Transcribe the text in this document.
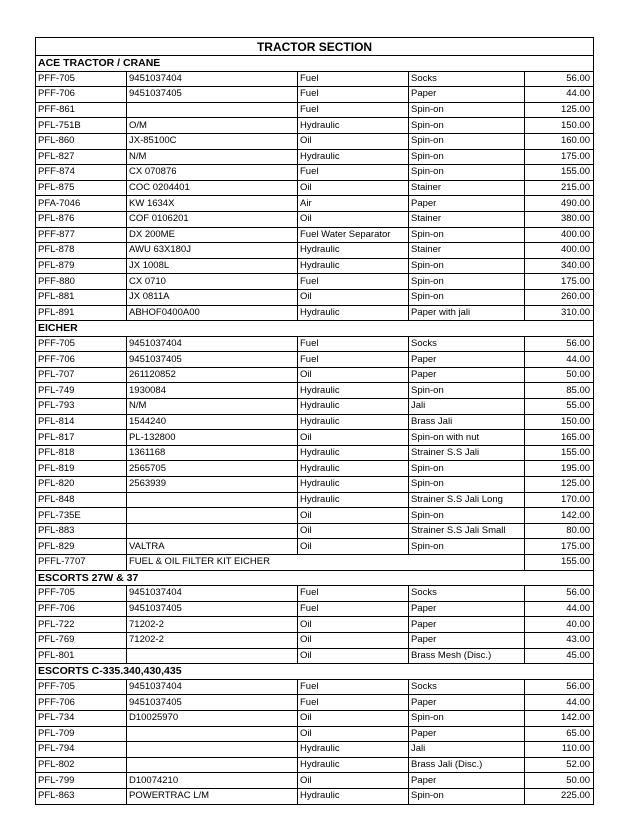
TRACTOR SECTION				
ACE TRACTOR / CRANE				
PFF-705	9451037404	Fuel	Socks	56.00
PFF-706	9451037405	Fuel	Paper	44.00
PFF-861		Fuel	Spin-on	125.00
PFL-751B	O/M	Hydraulic	Spin-on	150.00
PFL-860	JX-85100C	Oil	Spin-on	160.00
PFL-827	N/M	Hydraulic	Spin-on	175.00
PFF-874	CX 070876	Fuel	Spin-on	155.00
PFL-875	COC 0204401	Oil	Stainer	215.00
PFA-7046	KW 1634X	Air	Paper	490.00
PFL-876	COF 0106201	Oil	Stainer	380.00
PFF-877	DX 200ME	Fuel Water Separator	Spin-on	400.00
PFL-878	AWU 63X180J	Hydraulic	Stainer	400.00
PFL-879	JX 1008L	Hydraulic	Spin-on	340.00
PFF-880	CX 0710	Fuel	Spin-on	175.00
PFL-881	JX 0811A	Oil	Spin-on	260.00
PFL-891	ABHOF0400A00	Hydraulic	Paper with jali	310.00
EICHER				
PFF-705	9451037404	Fuel	Socks	56.00
PFF-706	9451037405	Fuel	Paper	44.00
PFL-707	261120852	Oil	Paper	50.00
PFL-749	1930084	Hydraulic	Spin-on	85.00
PFL-793	N/M	Hydraulic	Jali	55.00
PFL-814	1544240	Hydraulic	Brass Jali	150.00
PFL-817	PL-132800	Oil	Spin-on with nut	165.00
PFL-818	1361168	Hydraulic	Strainer S.S Jali	155.00
PFL-819	2565705	Hydraulic	Spin-on	195.00
PFL-820	2563939	Hydraulic	Spin-on	125.00
PFL-848		Hydraulic	Strainer S.S Jali Long	170.00
PFL-735E		Oil	Spin-on	142.00
PFL-883		Oil	Strainer S.S Jali Small	80.00
PFL-829	VALTRA	Oil	Spin-on	175.00
PFFL-7707	FUEL & OIL FILTER KIT EICHER			155.00
ESCORTS 27W & 37				
PFF-705	9451037404	Fuel	Socks	56.00
PFF-706	9451037405	Fuel	Paper	44.00
PFL-722	71202-2	Oil	Paper	40.00
PFL-769	71202-2	Oil	Paper	43.00
PFL-801		Oil	Brass Mesh (Disc.)	45.00
ESCORTS C-335.340,430,435				
PFF-705	9451037404	Fuel	Socks	56.00
PFF-706	9451037405	Fuel	Paper	44.00
PFL-734	D10025970	Oil	Spin-on	142.00
PFL-709		Oil	Paper	65.00
PFL-794		Hydraulic	Jali	110.00
PFL-802		Hydraulic	Brass Jali (Disc.)	52.00
PFL-799	D10074210	Oil	Paper	50.00
PFL-863	POWERTRAC L/M	Hydraulic	Spin-on	225.00
